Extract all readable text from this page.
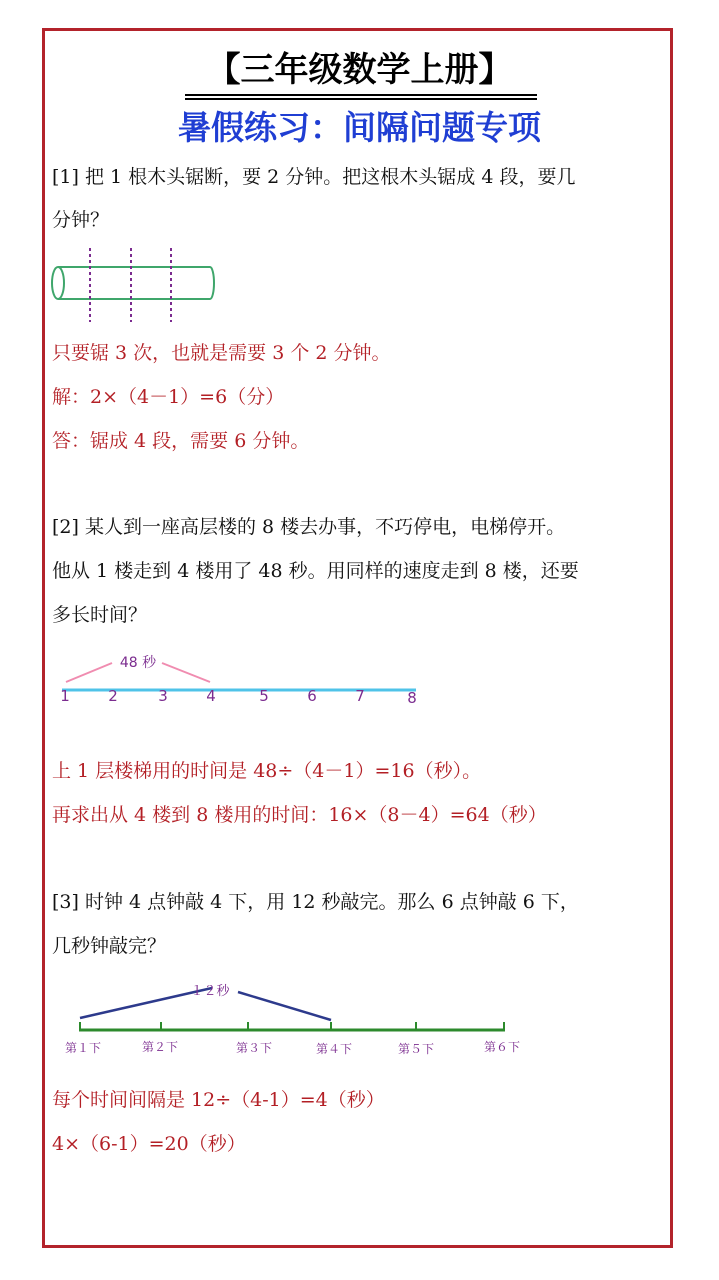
【三年级数学上册】
暑假练习：间隔问题专项
[1] 把 1 根木头锯断，要 2 分钟。把这根木头锯成 4 段，要几
分钟？
只要锯 3 次，也就是需要 3 个 2 分钟。
解：2×（4－1）=6（分）
答：锯成 4 段，需要 6 分钟。
[2] 某人到一座高层楼的 8 楼去办事，不巧停电，电梯停开。
他从 1 楼走到 4 楼用了 48 秒。用同样的速度走到 8 楼，还要
多长时间？
48 秒
1	2	3	4	5	6	7	8
上 1 层楼梯用的时间是 48÷（4－1）=16（秒）。
再求出从 4 楼到 8 楼用的时间：16×（8－4）=64（秒）
[3] 时钟 4 点钟敲 4 下，用 12 秒敲完。那么 6 点钟敲 6 下，
几秒钟敲完？
１２秒
第１下	第２下	第３下	第４下	第５下	第６下
每个时间间隔是 12÷（4-1）=4（秒）
4×（6-1）=20（秒）
